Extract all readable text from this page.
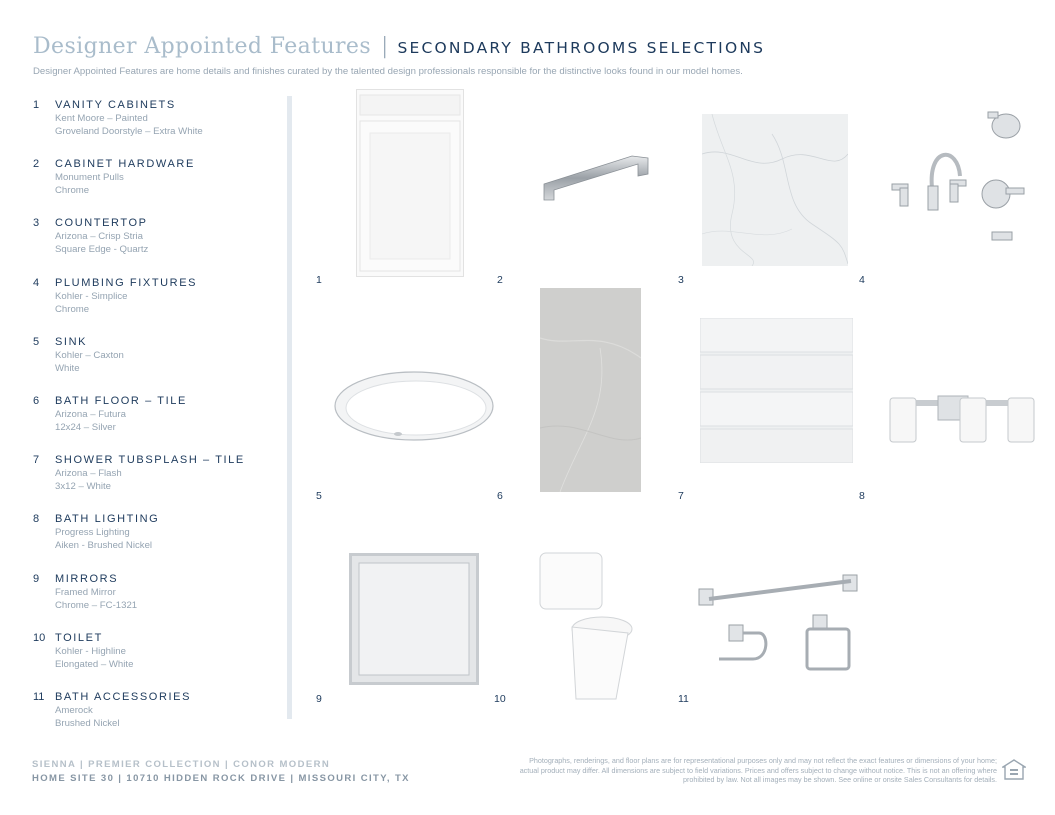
Designer Appointed Features | SECONDARY BATHROOMS SELECTIONS
Designer Appointed Features are home details and finishes curated by the talented design professionals responsible for the distinctive looks found in our model homes.
1	VANITY CABINETS
Kent Moore – Painted
Groveland Doorstyle – Extra White
2	CABINET HARDWARE
Monument Pulls
Chrome
3	COUNTERTOP
Arizona – Crisp Stria
Square Edge - Quartz
4	PLUMBING FIXTURES
Kohler - Simplice
Chrome
5	SINK
Kohler – Caxton
White
6	BATH FLOOR – TILE
Arizona – Futura
12x24 – Silver
7	SHOWER TUBSPLASH – TILE
Arizona – Flash
3x12 – White
8	BATH LIGHTING
Progress Lighting
Aiken - Brushed Nickel
9	MIRRORS
Framed Mirror
Chrome – FC-1321
10 TOILET
Kohler - Highline
Elongated – White
11 BATH ACCESSORIES
Amerock
Brushed Nickel
1	2	3	4
5	6	7	8
9	10	11
SIENNA | PREMIER COLLECTION | CONOR MODERN
HOME SITE 30 | 10710 HIDDEN ROCK DRIVE | MISSOURI CITY, TX
Photographs, renderings, and floor plans are for representational purposes only and may not reflect the exact features or dimensions of your home; actual product may differ. All dimensions are subject to field variations. Prices and offers subject to change without notice. This is not an offering where prohibited by law. Not all images may be shown. See online or onsite Sales Consultants for details.
